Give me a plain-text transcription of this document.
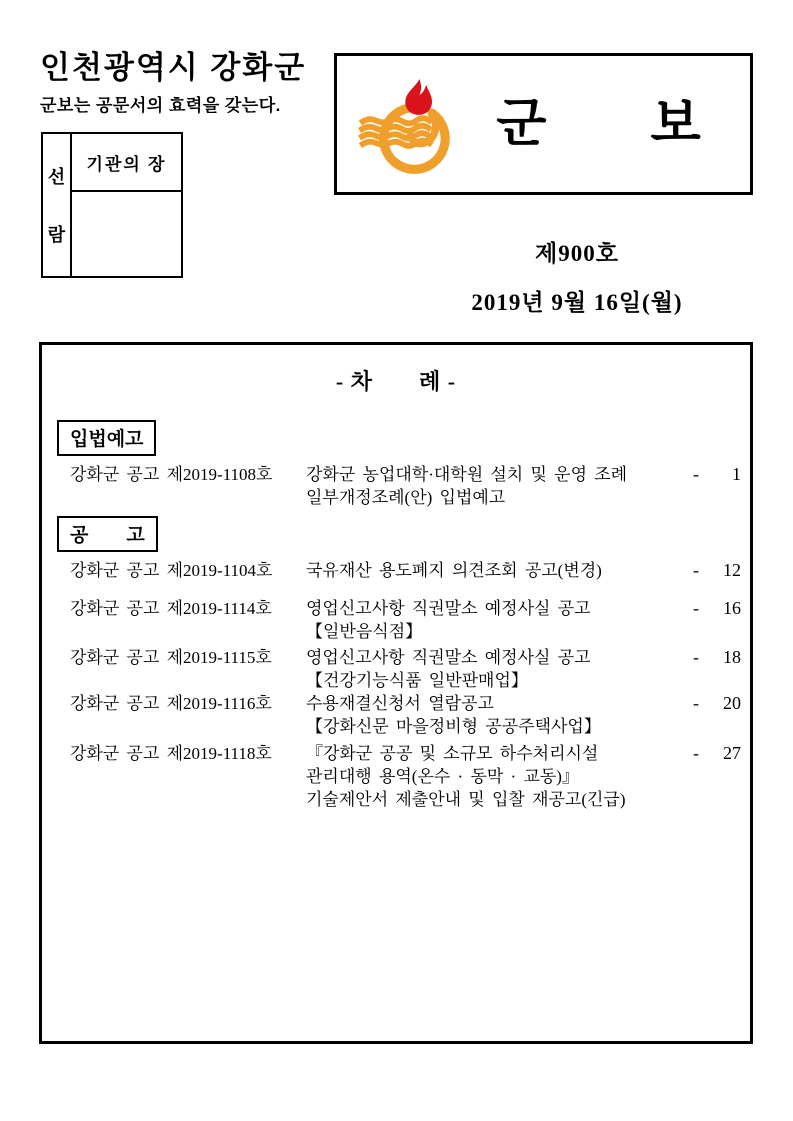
인천광역시 강화군
군보는 공문서의 효력을 갖는다.
선
람
기관의 장
군　　보
제900호
2019년 9월 16일(월)
- 차　　례 -
입법예고
강화군 공고 제2019-1108호	강화군 농업대학·대학원 설치 및 운영 조례
일부개정조례(안) 입법예고
- 1
공　　고
강화군 공고 제2019-1104호	국유재산 용도폐지 의견조회 공고(변경)	- 12
강화군 공고 제2019-1114호	영업신고사항 직권말소 예정사실 공고
【일반음식점】
- 16
강화군 공고 제2019-1115호	영업신고사항 직권말소 예정사실 공고
【건강기능식품 일반판매업】
- 18
강화군 공고 제2019-1116호	수용재결신청서 열람공고
【강화신문 마을정비형 공공주택사업】
- 20
강화군 공고 제2019-1118호	『강화군 공공 및 소규모 하수처리시설
관리대행 용역(온수 · 동막 · 교동)』
기술제안서 제출안내 및 입찰 재공고(긴급)
- 27
